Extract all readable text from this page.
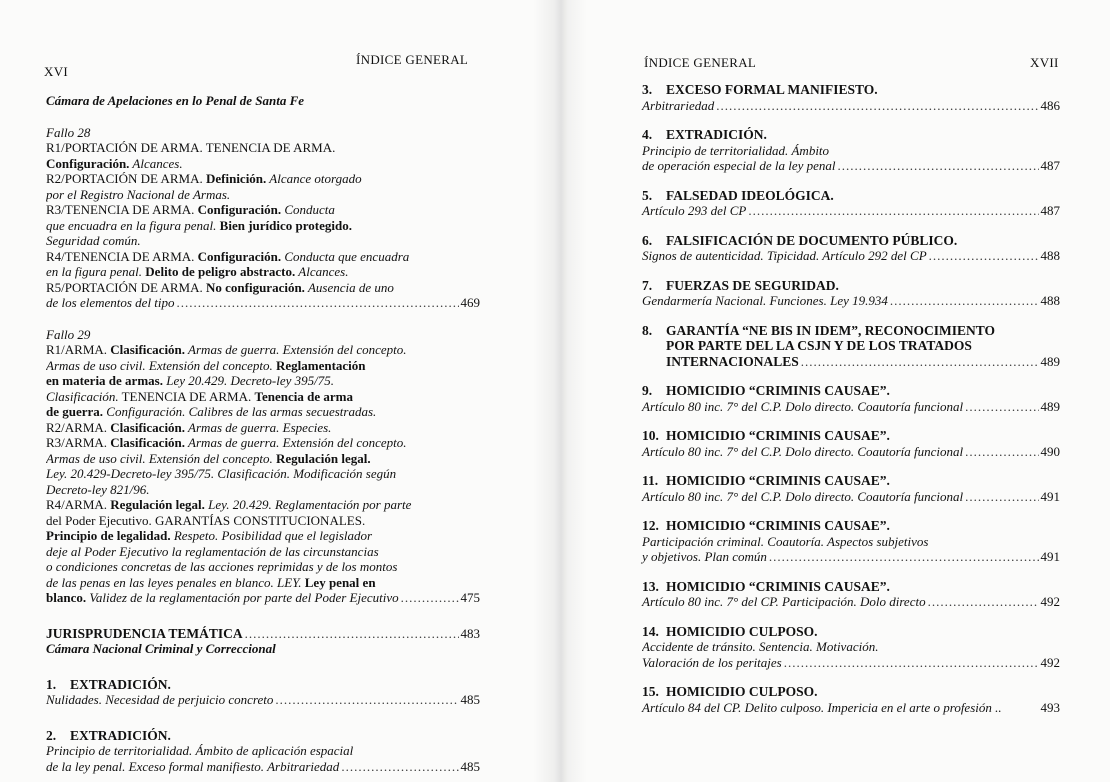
XVI
ÍNDICE GENERAL
Cámara de Apelaciones en lo Penal de Santa Fe
Fallo 28
R1/PORTACIÓN DE ARMA. TENENCIA DE ARMA.
Configuración. Alcances.
R2/PORTACIÓN DE ARMA. Definición. Alcance otorgado
por el Registro Nacional de Armas.
R3/TENENCIA DE ARMA. Configuración. Conducta
que encuadra en la figura penal. Bien jurídico protegido.
Seguridad común.
R4/TENENCIA DE ARMA. Configuración. Conducta que encuadra
en la figura penal. Delito de peligro abstracto. Alcances.
R5/PORTACIÓN DE ARMA. No configuración. Ausencia de uno
de los elementos del tipo .....	469
Fallo 29
R1/ARMA. Clasificación. Armas de guerra. Extensión del concepto.
Armas de uso civil. Extensión del concepto. Reglamentación
en materia de armas. Ley 20.429. Decreto-ley 395/75.
Clasificación. TENENCIA DE ARMA. Tenencia de arma
de guerra. Configuración. Calibres de las armas secuestradas.
R2/ARMA. Clasificación. Armas de guerra. Especies.
R3/ARMA. Clasificación. Armas de guerra. Extensión del concepto.
Armas de uso civil. Extensión del concepto. Regulación legal.
Ley. 20.429-Decreto-ley 395/75. Clasificación. Modificación según
Decreto-ley 821/96.
R4/ARMA. Regulación legal. Ley. 20.429. Reglamentación por parte
del Poder Ejecutivo. GARANTÍAS CONSTITUCIONALES.
Principio de legalidad. Respeto. Posibilidad que el legislador
deje al Poder Ejecutivo la reglamentación de las circunstancias
o condiciones concretas de las acciones reprimidas y de los montos
de las penas en las leyes penales en blanco. LEY. Ley penal en
blanco. Validez de la reglamentación por parte del Poder Ejecutivo .....	475
JURISPRUDENCIA TEMÁTICA .....	483
Cámara Nacional Criminal y Correccional
1. EXTRADICIÓN.
Nulidades. Necesidad de perjuicio concreto .....	485
2. EXTRADICIÓN.
Principio de territorialidad. Ámbito de aplicación espacial
de la ley penal. Exceso formal manifiesto. Arbitrariedad .....	485
ÍNDICE GENERAL	XVII
3. EXCESO FORMAL MANIFIESTO.
Arbitrariedad .....	486
4. EXTRADICIÓN.
Principio de territorialidad. Ámbito
de operación especial de la ley penal .....	487
5. FALSEDAD IDEOLÓGICA.
Artículo 293 del CP .....	487
6. FALSIFICACIÓN DE DOCUMENTO PÚBLICO.
Signos de autenticidad. Tipicidad. Artículo 292 del CP .....	488
7. FUERZAS DE SEGURIDAD.
Gendarmería Nacional. Funciones. Ley 19.934 .....	488
8. GARANTÍA “NE BIS IN IDEM”, RECONOCIMIENTO
POR PARTE DEL LA CSJN Y DE LOS TRATADOS
INTERNACIONALES .....	489
9. HOMICIDIO “CRIMINIS CAUSAE”.
Artículo 80 inc. 7° del C.P. Dolo directo. Coautoría funcional .....	489
10. HOMICIDIO “CRIMINIS CAUSAE”.
Artículo 80 inc. 7° del C.P. Dolo directo. Coautoría funcional .....	490
11. HOMICIDIO “CRIMINIS CAUSAE”.
Artículo 80 inc. 7° del C.P. Dolo directo. Coautoría funcional .....	491
12. HOMICIDIO “CRIMINIS CAUSAE”.
Participación criminal. Coautoría. Aspectos subjetivos
y objetivos. Plan común .....	491
13. HOMICIDIO “CRIMINIS CAUSAE”.
Artículo 80 inc. 7° del CP. Participación. Dolo directo .....	492
14. HOMICIDIO CULPOSO.
Accidente de tránsito. Sentencia. Motivación.
Valoración de los peritajes .....	492
15. HOMICIDIO CULPOSO.
Artículo 84 del CP. Delito culposo. Impericia en el arte o profesión ..	493
